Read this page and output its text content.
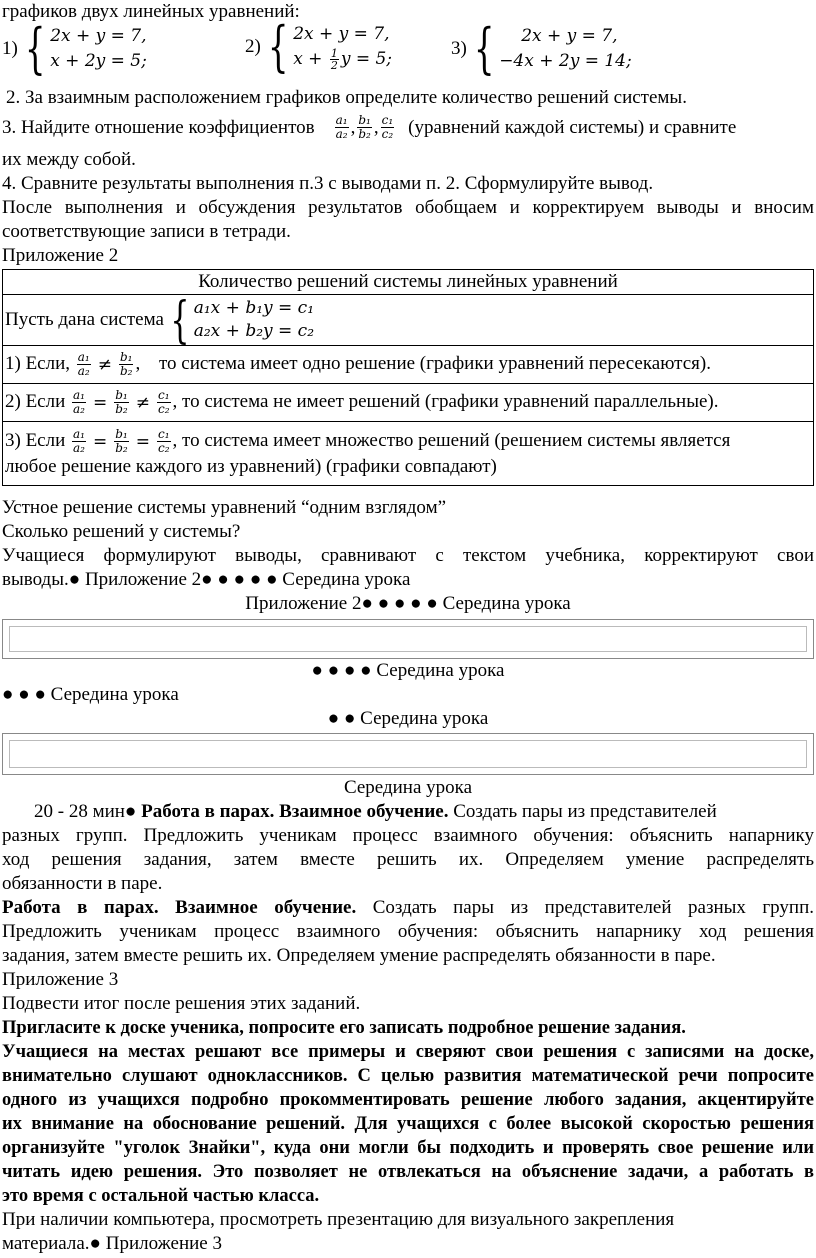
графиков двух линейных уравнений:
1) { 2x + y = 7,
x + 2y = 5;
2) { 2x + y = 7,
$x + \frac{1}{2}$ y = 5;	3) {	2x + y = 7,
−4x + 2y = 14;
2. За взаимным расположением графиков определите количество решений системы.
3. Найдите отношение коэффициентов $\frac{\text{a₁}}{\text{a₂}}$ , $\frac{\text{b₁}}{\text{b₂}}$ , $\frac{\text{c₁}}{\text{c₂}}$ (уравнений каждой системы) и сравните
их между собой.
4. Сравните результаты выполнения п.3 с выводами п. 2. Сформулируйте вывод.
После выполнения и обсуждения результатов обобщаем и корректируем выводы и вносим
соответствующие записи в тетради.
Приложение 2
Количество решений системы линейных уравнений

Пусть дана система { a₁x + b₁y = c₁
a₂x + b₂y = c₂

1) Если, $\frac{\text{a₁}}{\text{a₂}} \ne \frac{\text{b₁}}{\text{b₂}}$ , то система имеет одно решение (графики уравнений пересекаются).
2) Если $\frac{\text{a₁}}{\text{a₂}} = \frac{\text{b₁}}{\text{b₂}} \ne \frac{\text{c₁}}{\text{c₂}}$ , то система не имеет решений (графики уравнений параллельные).

3) Если $\frac{\text{a₁}}{\text{a₂}} = \frac{\text{b₁}}{\text{b₂}} = \frac{\text{c₁}}{\text{c₂}}$ , то система имеет множество решений (решением системы является
любое решение каждого из уравнений) (графики совпадают)
Устное решение системы уравнений “одним взглядом”
Сколько решений у системы?
Учащиеся формулируют выводы, сравнивают с текстом учебника, корректируют свои
выводы.● Приложение 2● ● ● ● ● Середина урока
Приложение 2● ● ● ● ● Середина урока
● ● ● ● Середина урока
● ● ● Середина урока
● ● Середина урока
Середина урока
20 - 28 мин● Работа в парах. Взаимное обучение. Создать пары из представителей
разных групп. Предложить ученикам процесс взаимного обучения: объяснить напарнику
ход решения задания, затем вместе решить их. Определяем умение распределять
обязанности в паре.
Работа в парах. Взаимное обучение. Создать пары из представителей разных групп.
Предложить ученикам процесс взаимного обучения: объяснить напарнику ход решения
задания, затем вместе решить их. Определяем умение распределять обязанности в паре.
Приложение 3
Подвести итог после решения этих заданий.
Пригласите к доске ученика, попросите его записать подробное решение задания.
Учащиеся на местах решают все примеры и сверяют свои решения с записями на доске,
внимательно слушают одноклассников. С целью развития математической речи попросите
одного из учащихся подробно прокомментировать решение любого задания, акцентируйте
их внимание на обоснование решений. Для учащихся с более высокой скоростью решения
организуйте "уголок Знайки", куда они могли бы подходить и проверять свое решение или
читать идею решения. Это позволяет не отвлекаться на объяснение задачи, а работать в
это время с остальной частью класса.
При наличии компьютера, просмотреть презентацию для визуального закрепления
материала.● Приложение 3
